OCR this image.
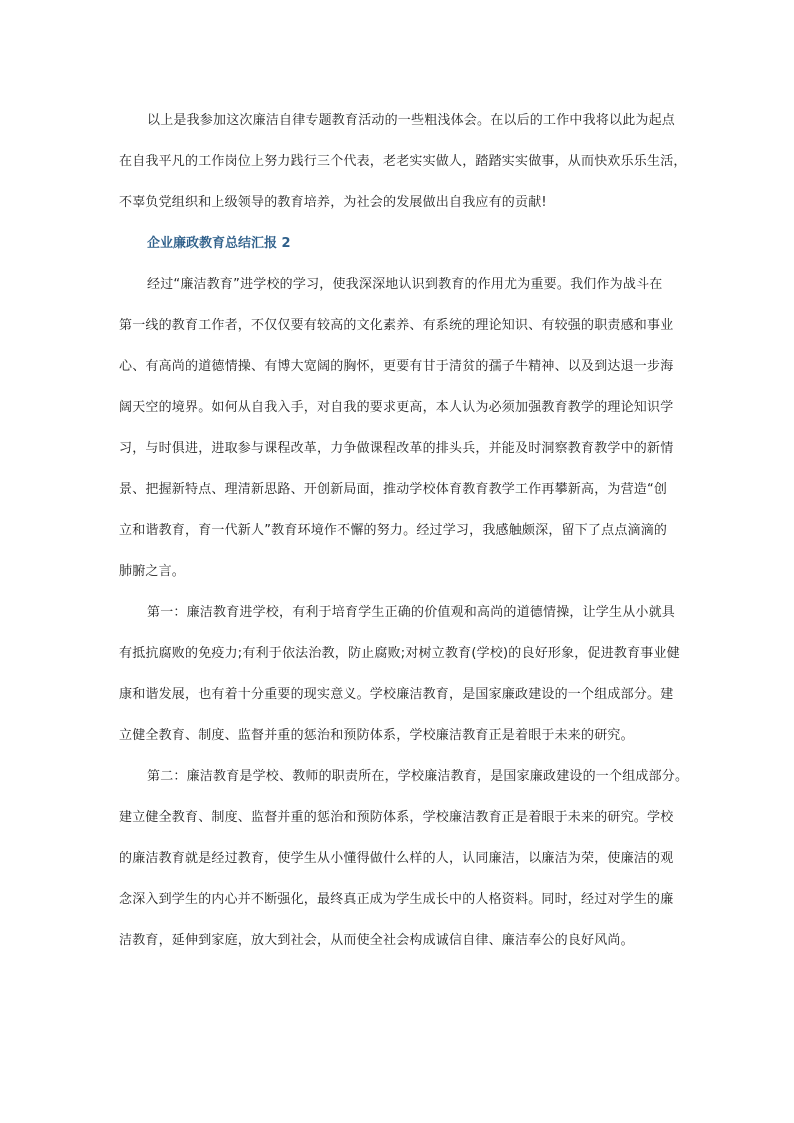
以上是我参加这次廉洁自律专题教育活动的一些粗浅体会。在以后的工作中我将以此为起点
在自我平凡的工作岗位上努力践行三个代表，老老实实做人，踏踏实实做事，从而快欢乐乐生活，
不辜负党组织和上级领导的教育培养，为社会的发展做出自我应有的贡献!
企业廉政教育总结汇报 2
经过“廉洁教育”进学校的学习，使我深深地认识到教育的作用尤为重要。我们作为战斗在
第一线的教育工作者，不仅仅要有较高的文化素养、有系统的理论知识、有较强的职责感和事业
心、有高尚的道德情操、有博大宽阔的胸怀，更要有甘于清贫的孺子牛精神、以及到达退一步海
阔天空的境界。如何从自我入手，对自我的要求更高，本人认为必须加强教育教学的理论知识学
习，与时俱进，进取参与课程改革，力争做课程改革的排头兵，并能及时洞察教育教学中的新情
景、把握新特点、理清新思路、开创新局面，推动学校体育教育教学工作再攀新高，为营造“创
立和谐教育，育一代新人”教育环境作不懈的努力。经过学习，我感触颇深，留下了点点滴滴的
肺腑之言。
第一：廉洁教育进学校，有利于培育学生正确的价值观和高尚的道德情操，让学生从小就具
有抵抗腐败的免疫力;有利于依法治教，防止腐败;对树立教育(学校)的良好形象，促进教育事业健
康和谐发展，也有着十分重要的现实意义。学校廉洁教育，是国家廉政建设的一个组成部分。建
立健全教育、制度、监督并重的惩治和预防体系，学校廉洁教育正是着眼于未来的研究。
第二：廉洁教育是学校、教师的职责所在，学校廉洁教育，是国家廉政建设的一个组成部分。
建立健全教育、制度、监督并重的惩治和预防体系，学校廉洁教育正是着眼于未来的研究。学校
的廉洁教育就是经过教育，使学生从小懂得做什么样的人，认同廉洁，以廉洁为荣，使廉洁的观
念深入到学生的内心并不断强化，最终真正成为学生成长中的人格资料。同时，经过对学生的廉
洁教育，延伸到家庭，放大到社会，从而使全社会构成诚信自律、廉洁奉公的良好风尚。
